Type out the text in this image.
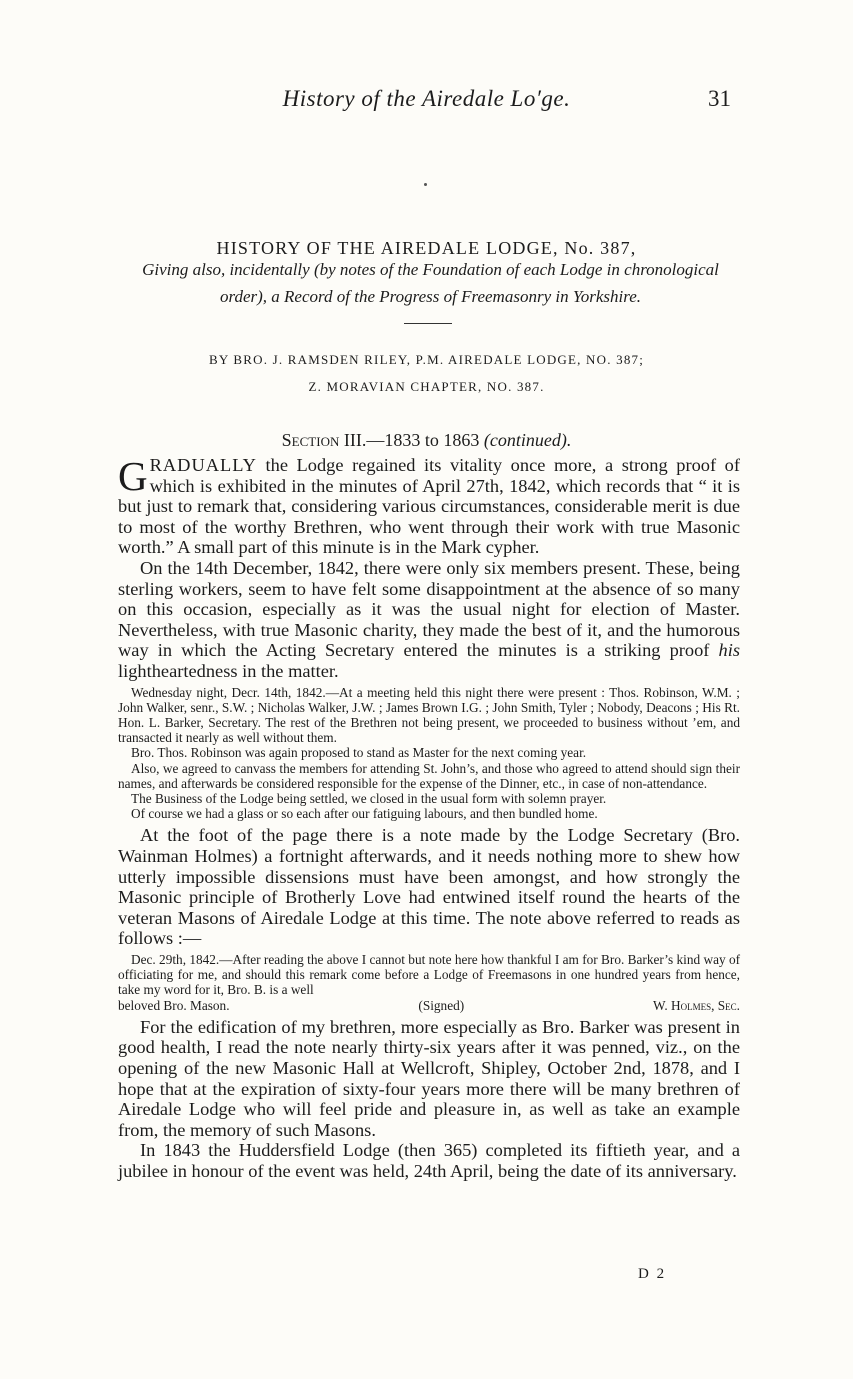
History of the Airedale Lo′ge.	31
HISTORY OF THE AIREDALE LODGE, No. 387,
Giving also, incidentally (by notes of the Foundation of each Lodge in chronological order), a Record of the Progress of Freemasonry in Yorkshire.
BY BRO. J. RAMSDEN RILEY, P.M. AIREDALE LODGE, NO. 387;
Z. MORAVIAN CHAPTER, NO. 387.
Section III.—1833 to 1863 (continued).

GRADUALLY the Lodge regained its vitality once more, a strong proof of which is exhibited in the minutes of April 27th, 1842, which records that “ it is but just to remark that, considering various circumstances, considerable merit is due to most of the worthy Brethren, who went through their work with true Masonic worth.” A small part of this minute is in the Mark cypher.

On the 14th December, 1842, there were only six members present. These, being sterling workers, seem to have felt some disappointment at the absence of so many on this occasion, especially as it was the usual night for election of Master. Nevertheless, with true Masonic charity, they made the best of it, and the humorous way in which the Acting Secretary entered the minutes is a striking proof his lightheartedness in the matter.

Wednesday night, Decr. 14th, 1842.—At a meeting held this night there were present : Thos. Robinson, W.M. ; John Walker, senr., S.W. ; Nicholas Walker, J.W. ; James Brown I.G. ; John Smith, Tyler ; Nobody, Deacons ; His Rt. Hon. L. Barker, Secretary. The rest of the Brethren not being present, we proceeded to business without ’em, and transacted it nearly as well without them.

Bro. Thos. Robinson was again proposed to stand as Master for the next coming year.

Also, we agreed to canvass the members for attending St. John’s, and those who agreed to attend should sign their names, and afterwards be considered responsible for the expense of the Dinner, etc., in case of non-attendance.

The Business of the Lodge being settled, we closed in the usual form with solemn prayer.

Of course we had a glass or so each after our fatiguing labours, and then bundled home.

At the foot of the page there is a note made by the Lodge Secretary (Bro. Wainman Holmes) a fortnight afterwards, and it needs nothing more to shew how utterly impossible dissensions must have been amongst, and how strongly the Masonic principle of Brotherly Love had entwined itself round the hearts of the veteran Masons of Airedale Lodge at this time. The note above referred to reads as follows :—

Dec. 29th, 1842.—After reading the above I cannot but note here how thankful I am for Bro. Barker’s kind way of officiating for me, and should this remark come before a Lodge of Freemasons in one hundred years from hence, take my word for it, Bro. B. is a well

beloved Bro. Mason.	(Signed)	W. Holmes, Sec.

For the edification of my brethren, more especially as Bro. Barker was present in good health, I read the note nearly thirty-six years after it was penned, viz., on the opening of the new Masonic Hall at Wellcroft, Shipley, October 2nd, 1878, and I hope that at the expiration of sixty-four years more there will be many brethren of Airedale Lodge who will feel pride and pleasure in, as well as take an example from, the memory of such Masons.

In 1843 the Huddersfield Lodge (then 365) completed its fiftieth year, and a jubilee in honour of the event was held, 24th April, being the date of its anniversary.

D 2
